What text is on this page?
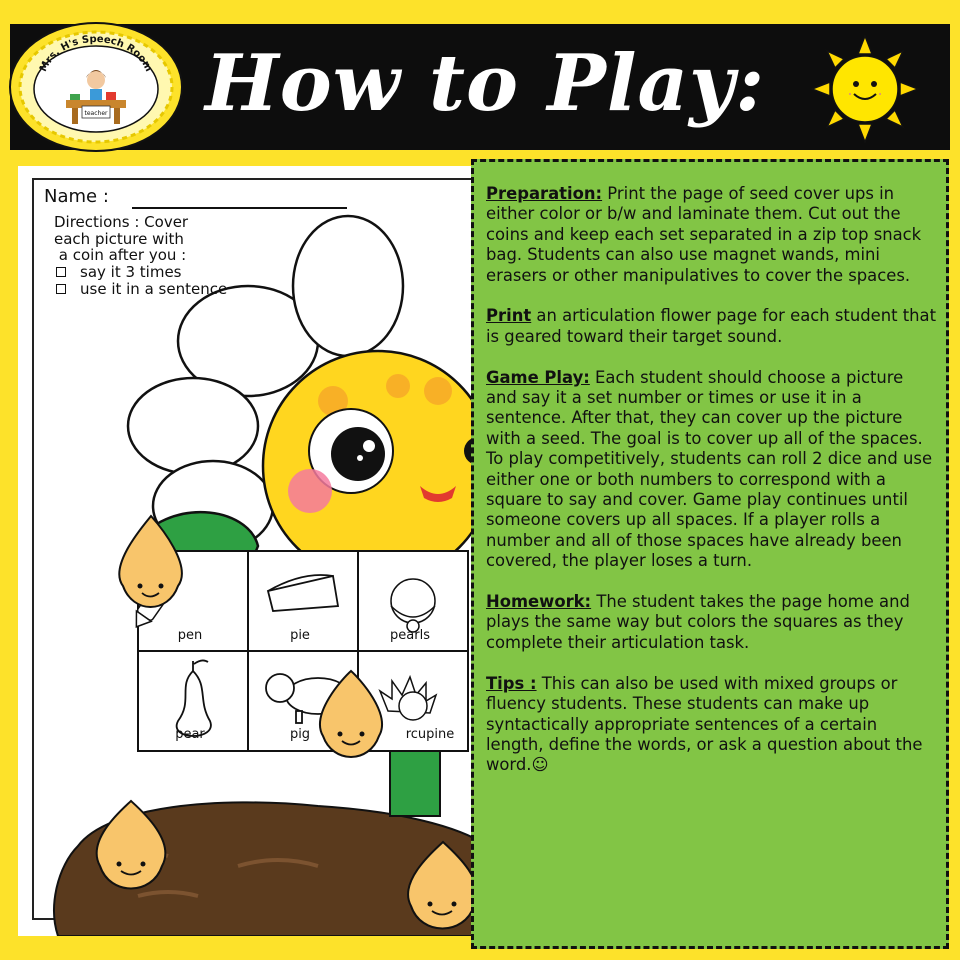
Mrs. H's Speech Room
teacher How to Play:
Name :
Directions : Cover
each picture with
a coin after you :
say it 3 times
use it in a sentence
pen	pie	pearls
pear	pig	rcupine
Preparation: Print the page of seed cover ups in either color or b/w and laminate them. Cut out the coins and keep each set separated in a zip top snack bag. Students can also use magnet wands, mini erasers or other manipulatives to cover the spaces.
Print an articulation flower page for each student that is geared toward their target sound.
Game Play: Each student should choose a picture and say it a set number or times or use it in a sentence. After that, they can cover up the picture with a seed. The goal is to cover up all of the spaces. To play competitively, students can roll 2 dice and use either one or both numbers to correspond with a square to say and cover. Game play continues until someone covers up all spaces. If a player rolls a number and all of those spaces have already been covered, the player loses a turn.
Homework: The student takes the page home and plays the same way but colors the squares as they complete their articulation task.
Tips : This can also be used with mixed groups or fluency students. These students can make up syntactically appropriate sentences of a certain length, define the words, or ask a question about the word.☺
